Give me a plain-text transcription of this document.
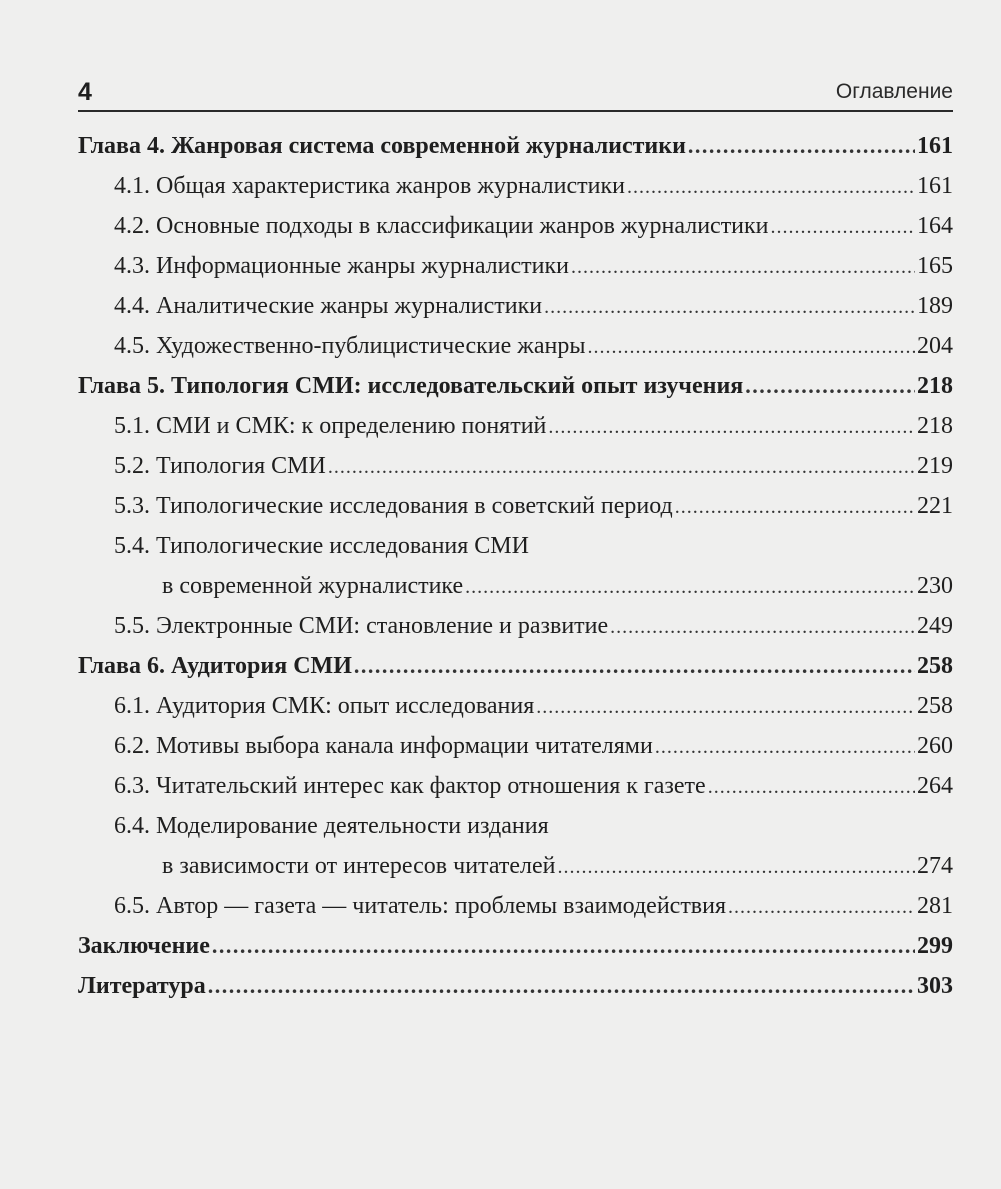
4	Оглавление
Глава 4. Жанровая система современной журналистики . . .	161
4.1. Общая характеристика жанров журналистики . . .	161
4.2. Основные подходы в классификации жанров журналистики . . .	164
4.3. Информационные жанры журналистики . . .	165
4.4. Аналитические жанры журналистики . . .	189
4.5. Художественно-публицистические жанры . . .	204
Глава 5. Типология СМИ: исследовательский опыт изучения . . .	218
5.1. СМИ и СМК: к определению понятий . . .	218
5.2. Типология СМИ . . .	219
5.3. Типологические исследования в советский период . . .	221
5.4. Типологические исследования СМИ
в современной журналистике . . .	230
5.5. Электронные СМИ: становление и развитие . . .	249
Глава 6. Аудитория СМИ . . .	258
6.1. Аудитория СМК: опыт исследования . . .	258
6.2. Мотивы выбора канала информации читателями . . .	260
6.3. Читательский интерес как фактор отношения к газете . . .	264
6.4. Моделирование деятельности издания
в зависимости от интересов читателей . . .	274
6.5. Автор — газета — читатель: проблемы взаимодействия . . .	281
Заключение . . .	299
Литература . . .	303
